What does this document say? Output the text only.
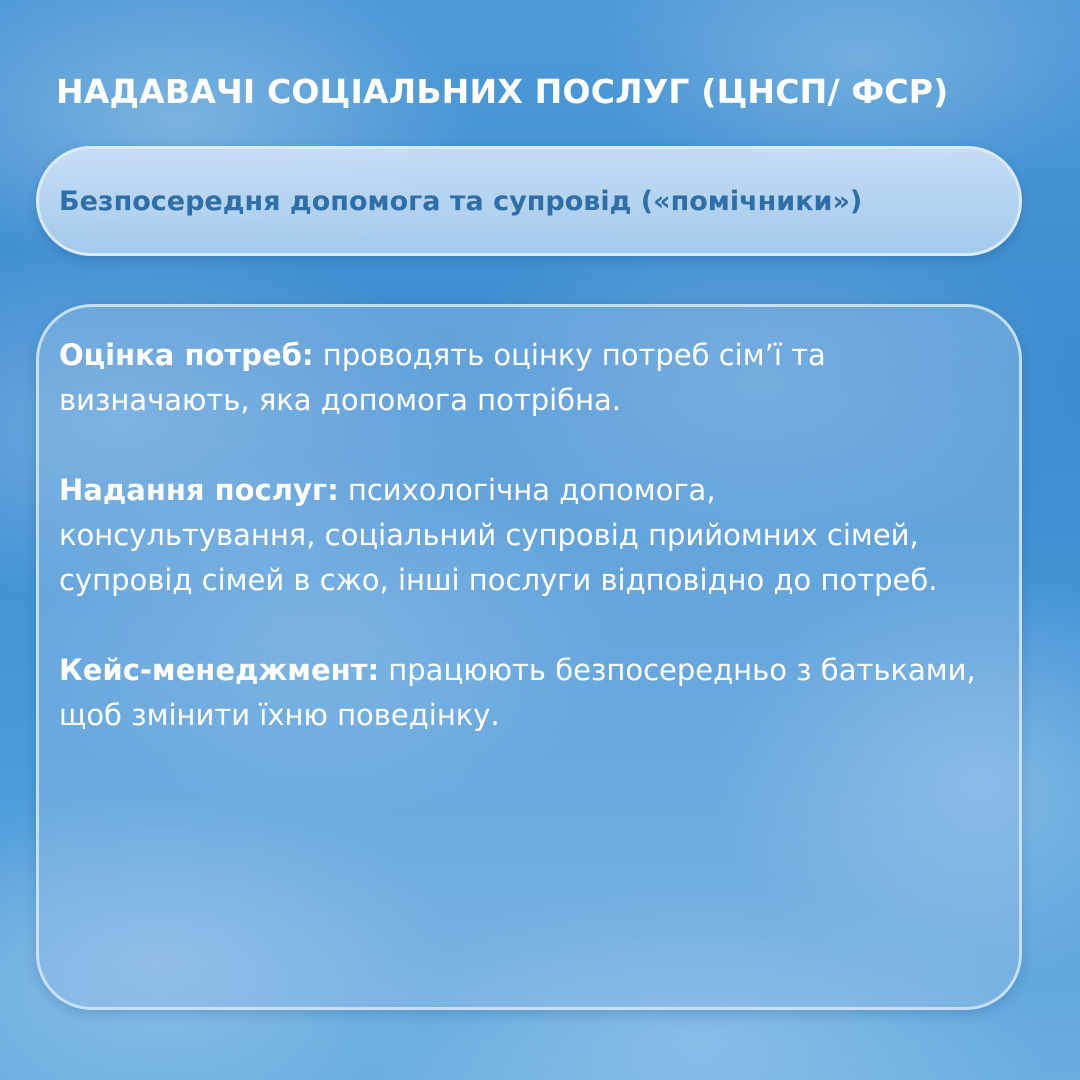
НАДАВАЧІ СОЦІАЛЬНИХ ПОСЛУГ (ЦНСП/ ФСР)
Безпосередня допомога та супровід («помічники»)

Оцінка потреб: проводять оцінку потреб сім’ї та визначають, яка допомога потрібна.

Надання послуг: психологічна допомога, консультування, соціальний супровід прийомних сімей, супровід сімей в сжо, інші послуги відповідно до потреб.

Кейс-менеджмент: працюють безпосередньо з батьками, щоб змінити їхню поведінку.
